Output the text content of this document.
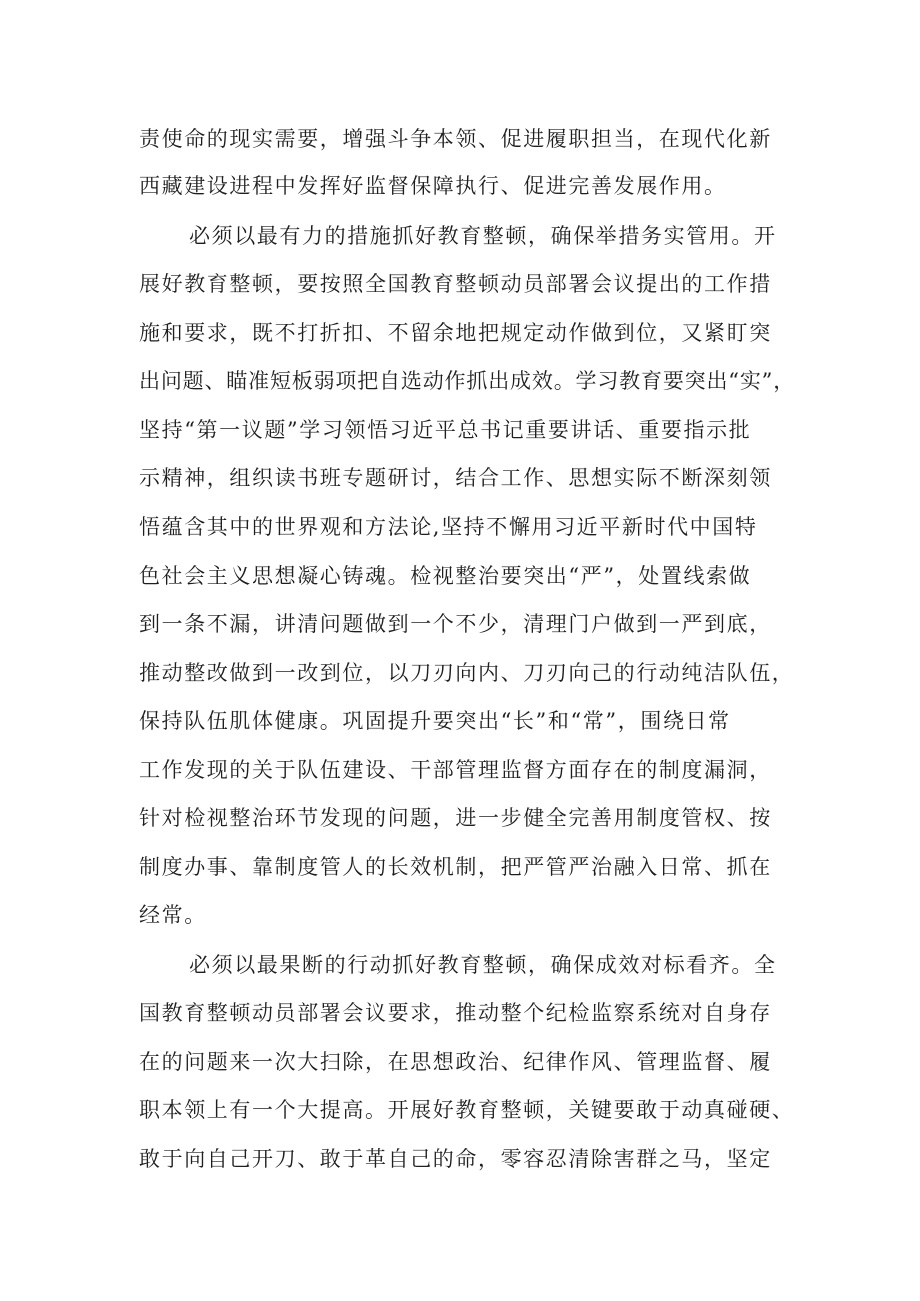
责使命的现实需要，增强斗争本领、促进履职担当，在现代化新

西藏建设进程中发挥好监督保障执行、促进完善发展作用。

必须以最有力的措施抓好教育整顿，确保举措务实管用。开

展好教育整顿，要按照全国教育整顿动员部署会议提出的工作措

施和要求，既不打折扣、不留余地把规定动作做到位，又紧盯突

出问题、瞄准短板弱项把自选动作抓出成效。学习教育要突出“实”，

坚持“第一议题”学习领悟习近平总书记重要讲话、重要指示批

示精神，组织读书班专题研讨，结合工作、思想实际不断深刻领

悟蕴含其中的世界观和方法论,坚持不懈用习近平新时代中国特

色社会主义思想凝心铸魂。检视整治要突出“严”，处置线索做

到一条不漏，讲清问题做到一个不少，清理门户做到一严到底，

推动整改做到一改到位，以刀刃向内、刀刃向己的行动纯洁队伍，

保持队伍肌体健康。巩固提升要突出“长”和“常”，围绕日常

工作发现的关于队伍建设、干部管理监督方面存在的制度漏洞，

针对检视整治环节发现的问题，进一步健全完善用制度管权、按

制度办事、靠制度管人的长效机制，把严管严治融入日常、抓在

经常。

必须以最果断的行动抓好教育整顿，确保成效对标看齐。全

国教育整顿动员部署会议要求，推动整个纪检监察系统对自身存

在的问题来一次大扫除，在思想政治、纪律作风、管理监督、履

职本领上有一个大提高。开展好教育整顿，关键要敢于动真碰硬、

敢于向自己开刀、敢于革自己的命，零容忍清除害群之马，坚定
